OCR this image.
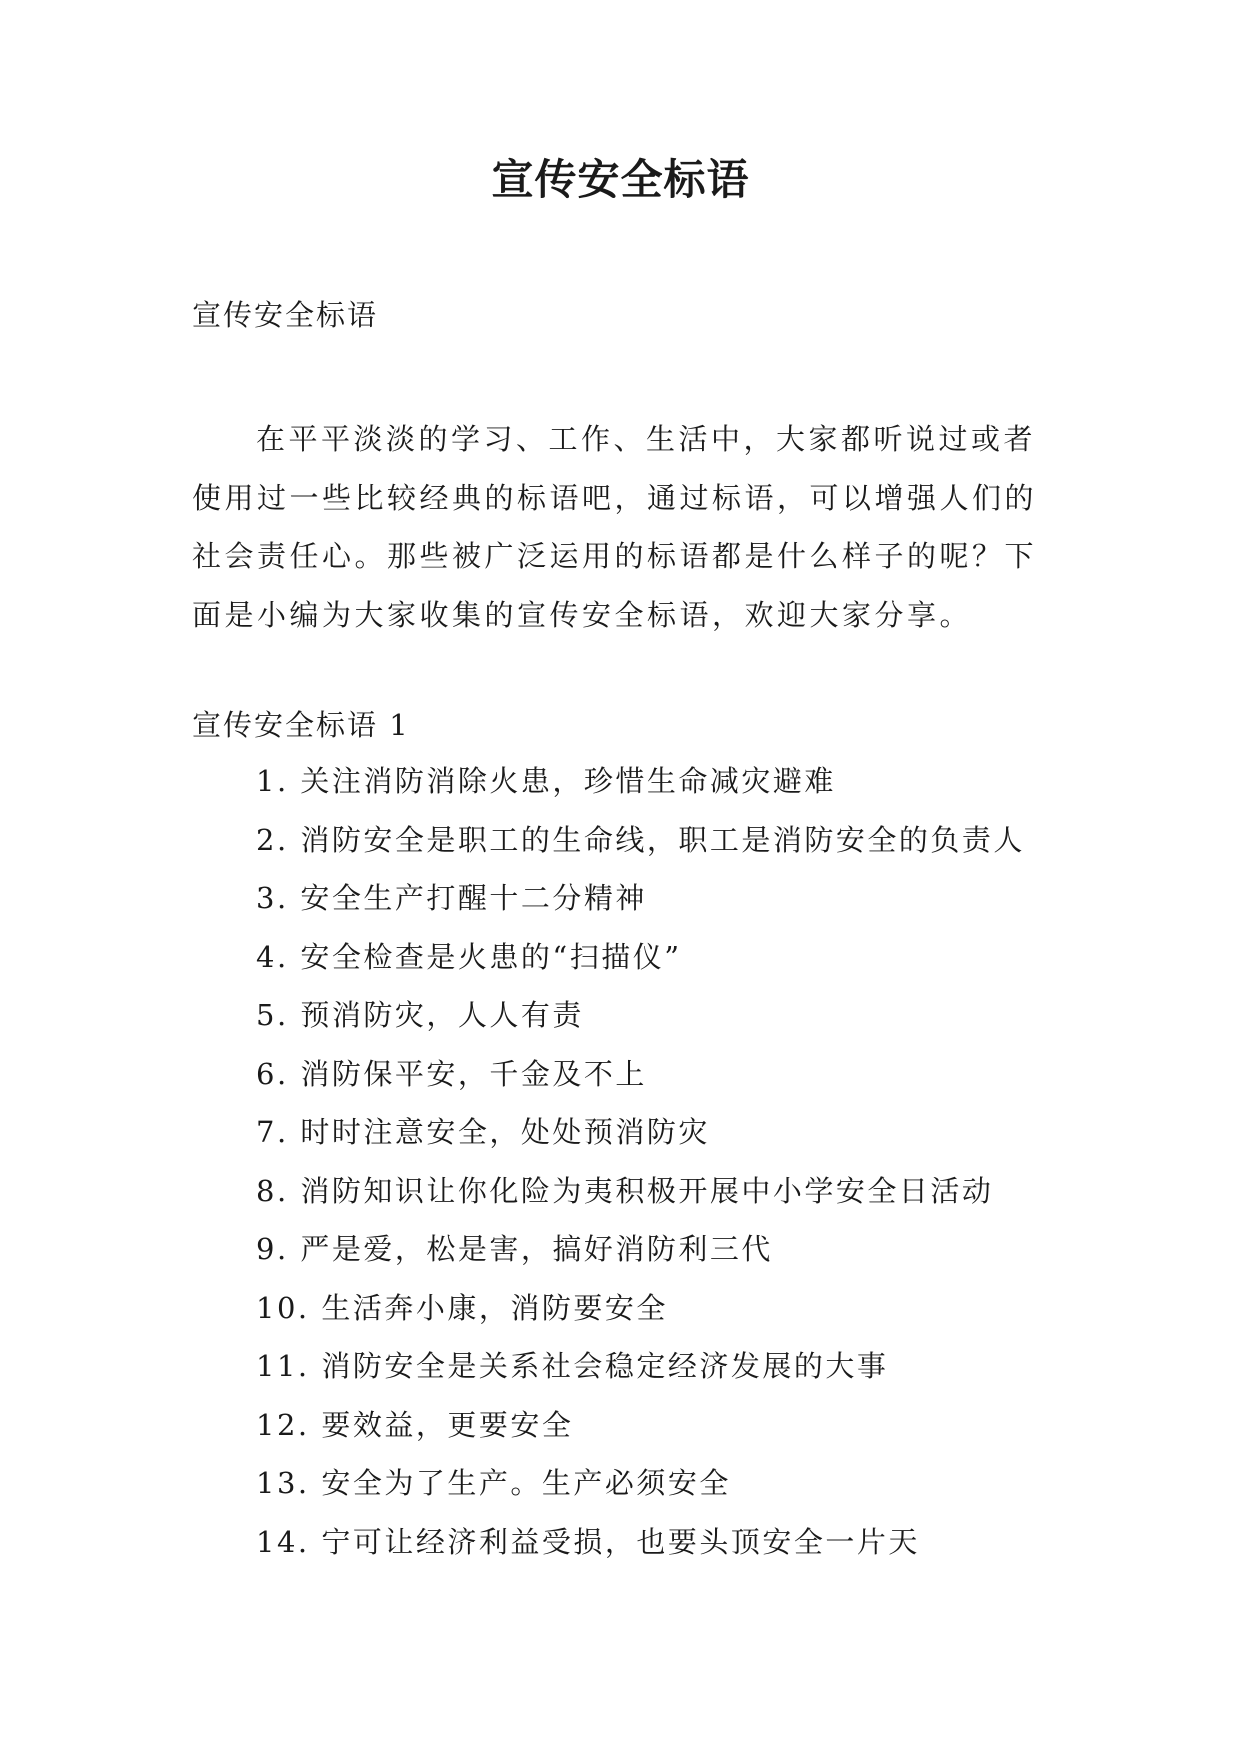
宣传安全标语

宣传安全标语

在平平淡淡的学习、工作、生活中，大家都听说过或者使用过一些比较经典的标语吧，通过标语，可以增强人们的社会责任心。那些被广泛运用的标语都是什么样子的呢？下面是小编为大家收集的宣传安全标语，欢迎大家分享。

宣传安全标语 1

1. 关注消防消除火患，珍惜生命减灾避难
2. 消防安全是职工的生命线，职工是消防安全的负责人
3. 安全生产打醒十二分精神
4. 安全检查是火患的“扫描仪”
5. 预消防灾，人人有责
6. 消防保平安，千金及不上
7. 时时注意安全，处处预消防灾
8. 消防知识让你化险为夷积极开展中小学安全日活动
9. 严是爱，松是害，搞好消防利三代
10. 生活奔小康，消防要安全
11. 消防安全是关系社会稳定经济发展的大事
12. 要效益，更要安全
13. 安全为了生产。生产必须安全
14. 宁可让经济利益受损，也要头顶安全一片天
